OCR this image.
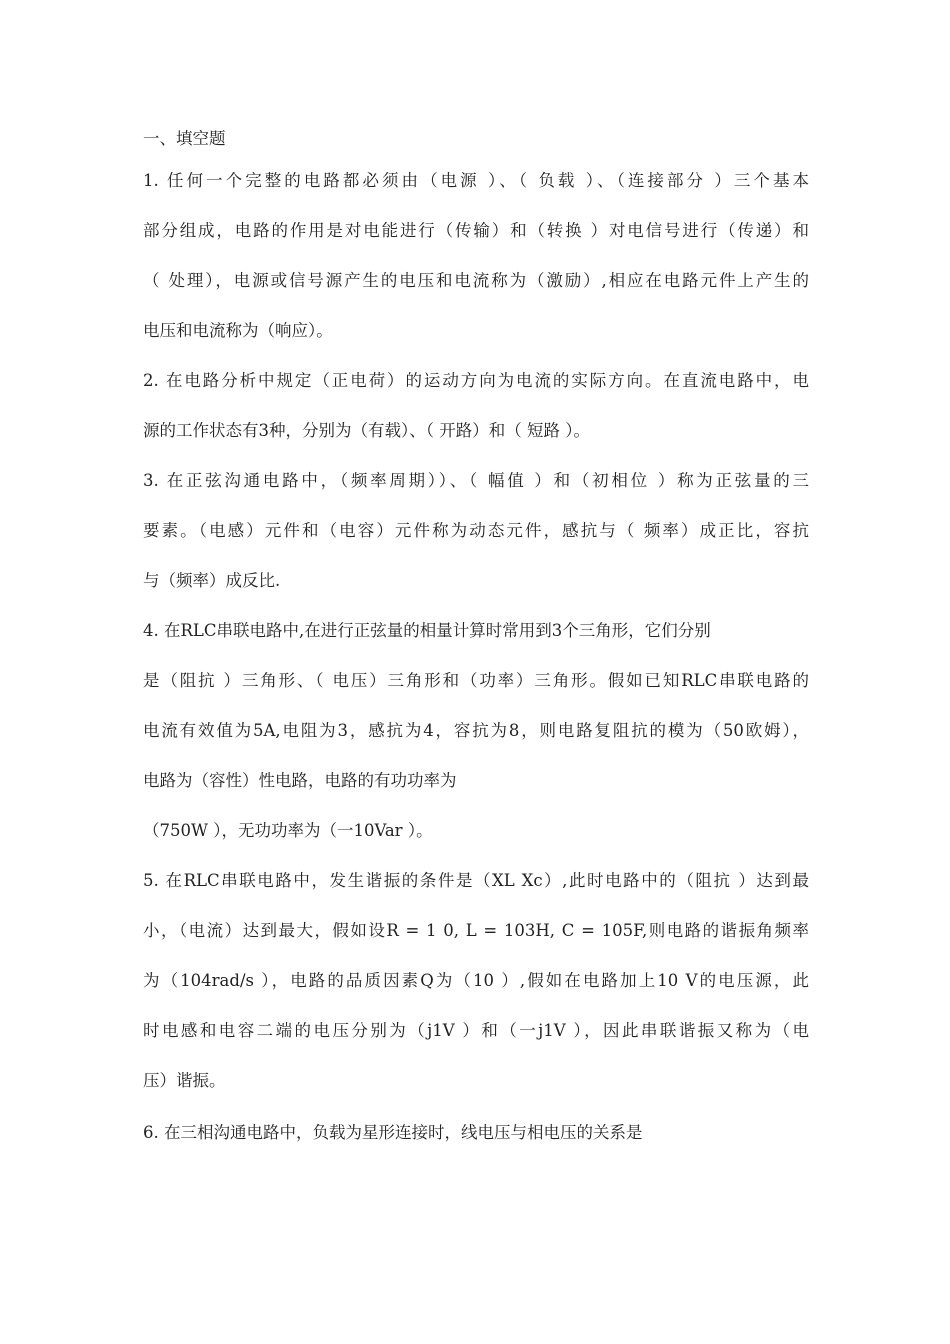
一、填空题
1. 任何一个完整的电路都必须由（电源 ）、（ 负载 ）、（连接部分 ）三个基本
部分组成，电路的作用是对电能进行（传输）和（转换 ）对电信号进行（传递）和
（ 处理），电源或信号源产生的电压和电流称为（激励）,相应在电路元件上产生的
电压和电流称为（响应）。
2. 在电路分析中规定（正电荷）的运动方向为电流的实际方向。在直流电路中，电
源的工作状态有3种，分别为（有载）、（ 开路）和（ 短路 ）。
3. 在正弦沟通电路中，（频率周期））、（ 幅值 ）和（初相位 ）称为正弦量的三
要素。（电感）元件和（电容）元件称为动态元件，感抗与（ 频率）成正比，容抗
与（频率）成反比.
4. 在RLC串联电路中,在进行正弦量的相量计算时常用到3个三角形，它们分别
是（阻抗 ）三角形、（ 电压）三角形和（功率）三角形。假如已知RLC串联电路的
电流有效值为5A,电阻为3，感抗为4，容抗为8，则电路复阻抗的模为（50欧姆），
电路为（容性）性电路，电路的有功功率为
（750W ），无功功率为（一10Var ）。
5. 在RLC串联电路中，发生谐振的条件是（XL Xc）,此时电路中的（阻抗 ）达到最
小，（电流）达到最大，假如设R = 1 0, L = 103H, C = 105F,则电路的谐振角频率
为（104rad/s ），电路的品质因素Q为（10 ）,假如在电路加上10 V的电压源，此
时电感和电容二端的电压分别为（j1V ）和（一j1V ），因此串联谐振又称为（电
压）谐振。
6. 在三相沟通电路中，负载为星形连接时，线电压与相电压的关系是
